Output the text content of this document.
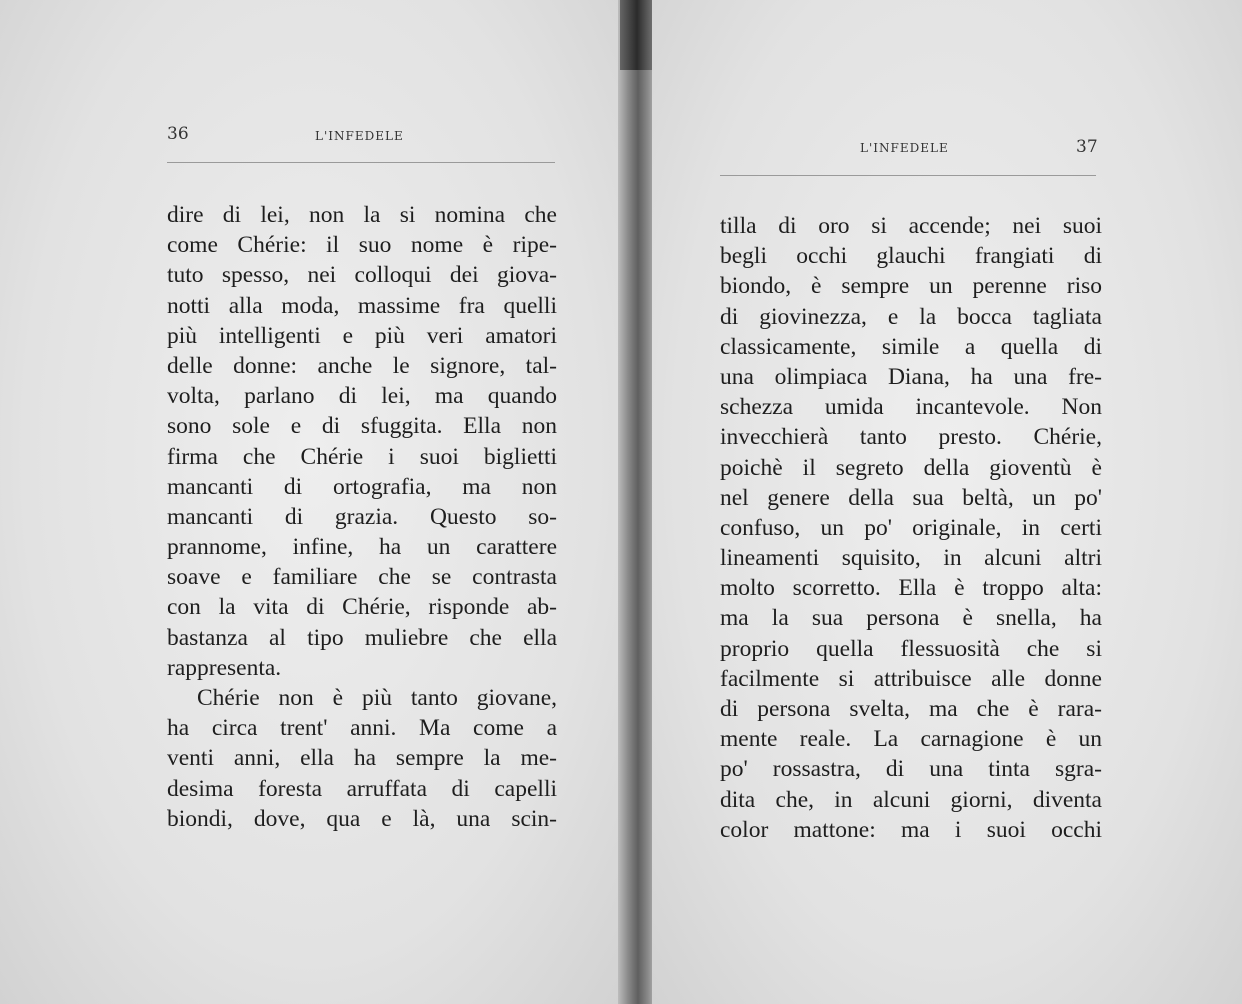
36	L'INFEDELE
dire di lei, non la si nomina che
come Chérie: il suo nome è ripe-
tuto spesso, nei colloqui dei giova-
notti alla moda, massime fra quelli
più intelligenti e più veri amatori
delle donne: anche le signore, tal-
volta, parlano di lei, ma quando
sono sole e di sfuggita. Ella non
firma che Chérie i suoi biglietti
mancanti di ortografia, ma non
mancanti di grazia. Questo so-
prannome, infine, ha un carattere
soave e familiare che se contrasta
con la vita di Chérie, risponde ab-
bastanza al tipo muliebre che ella
rappresenta.
Chérie non è più tanto giovane,
ha circa trent' anni. Ma come a
venti anni, ella ha sempre la me-
desima foresta arruffata di capelli
biondi, dove, qua e là, una scin-
L'INFEDELE	37
tilla di oro si accende; nei suoi
begli occhi glauchi frangiati di
biondo, è sempre un perenne riso
di giovinezza, e la bocca tagliata
classicamente, simile a quella di
una olimpiaca Diana, ha una fre-
schezza umida incantevole. Non
invecchierà tanto presto. Chérie,
poichè il segreto della gioventù è
nel genere della sua beltà, un po'
confuso, un po' originale, in certi
lineamenti squisito, in alcuni altri
molto scorretto. Ella è troppo alta:
ma la sua persona è snella, ha
proprio quella flessuosità che si
facilmente si attribuisce alle donne
di persona svelta, ma che è rara-
mente reale. La carnagione è un
po' rossastra, di una tinta sgra-
dita che, in alcuni giorni, diventa
color mattone: ma i suoi occhi
